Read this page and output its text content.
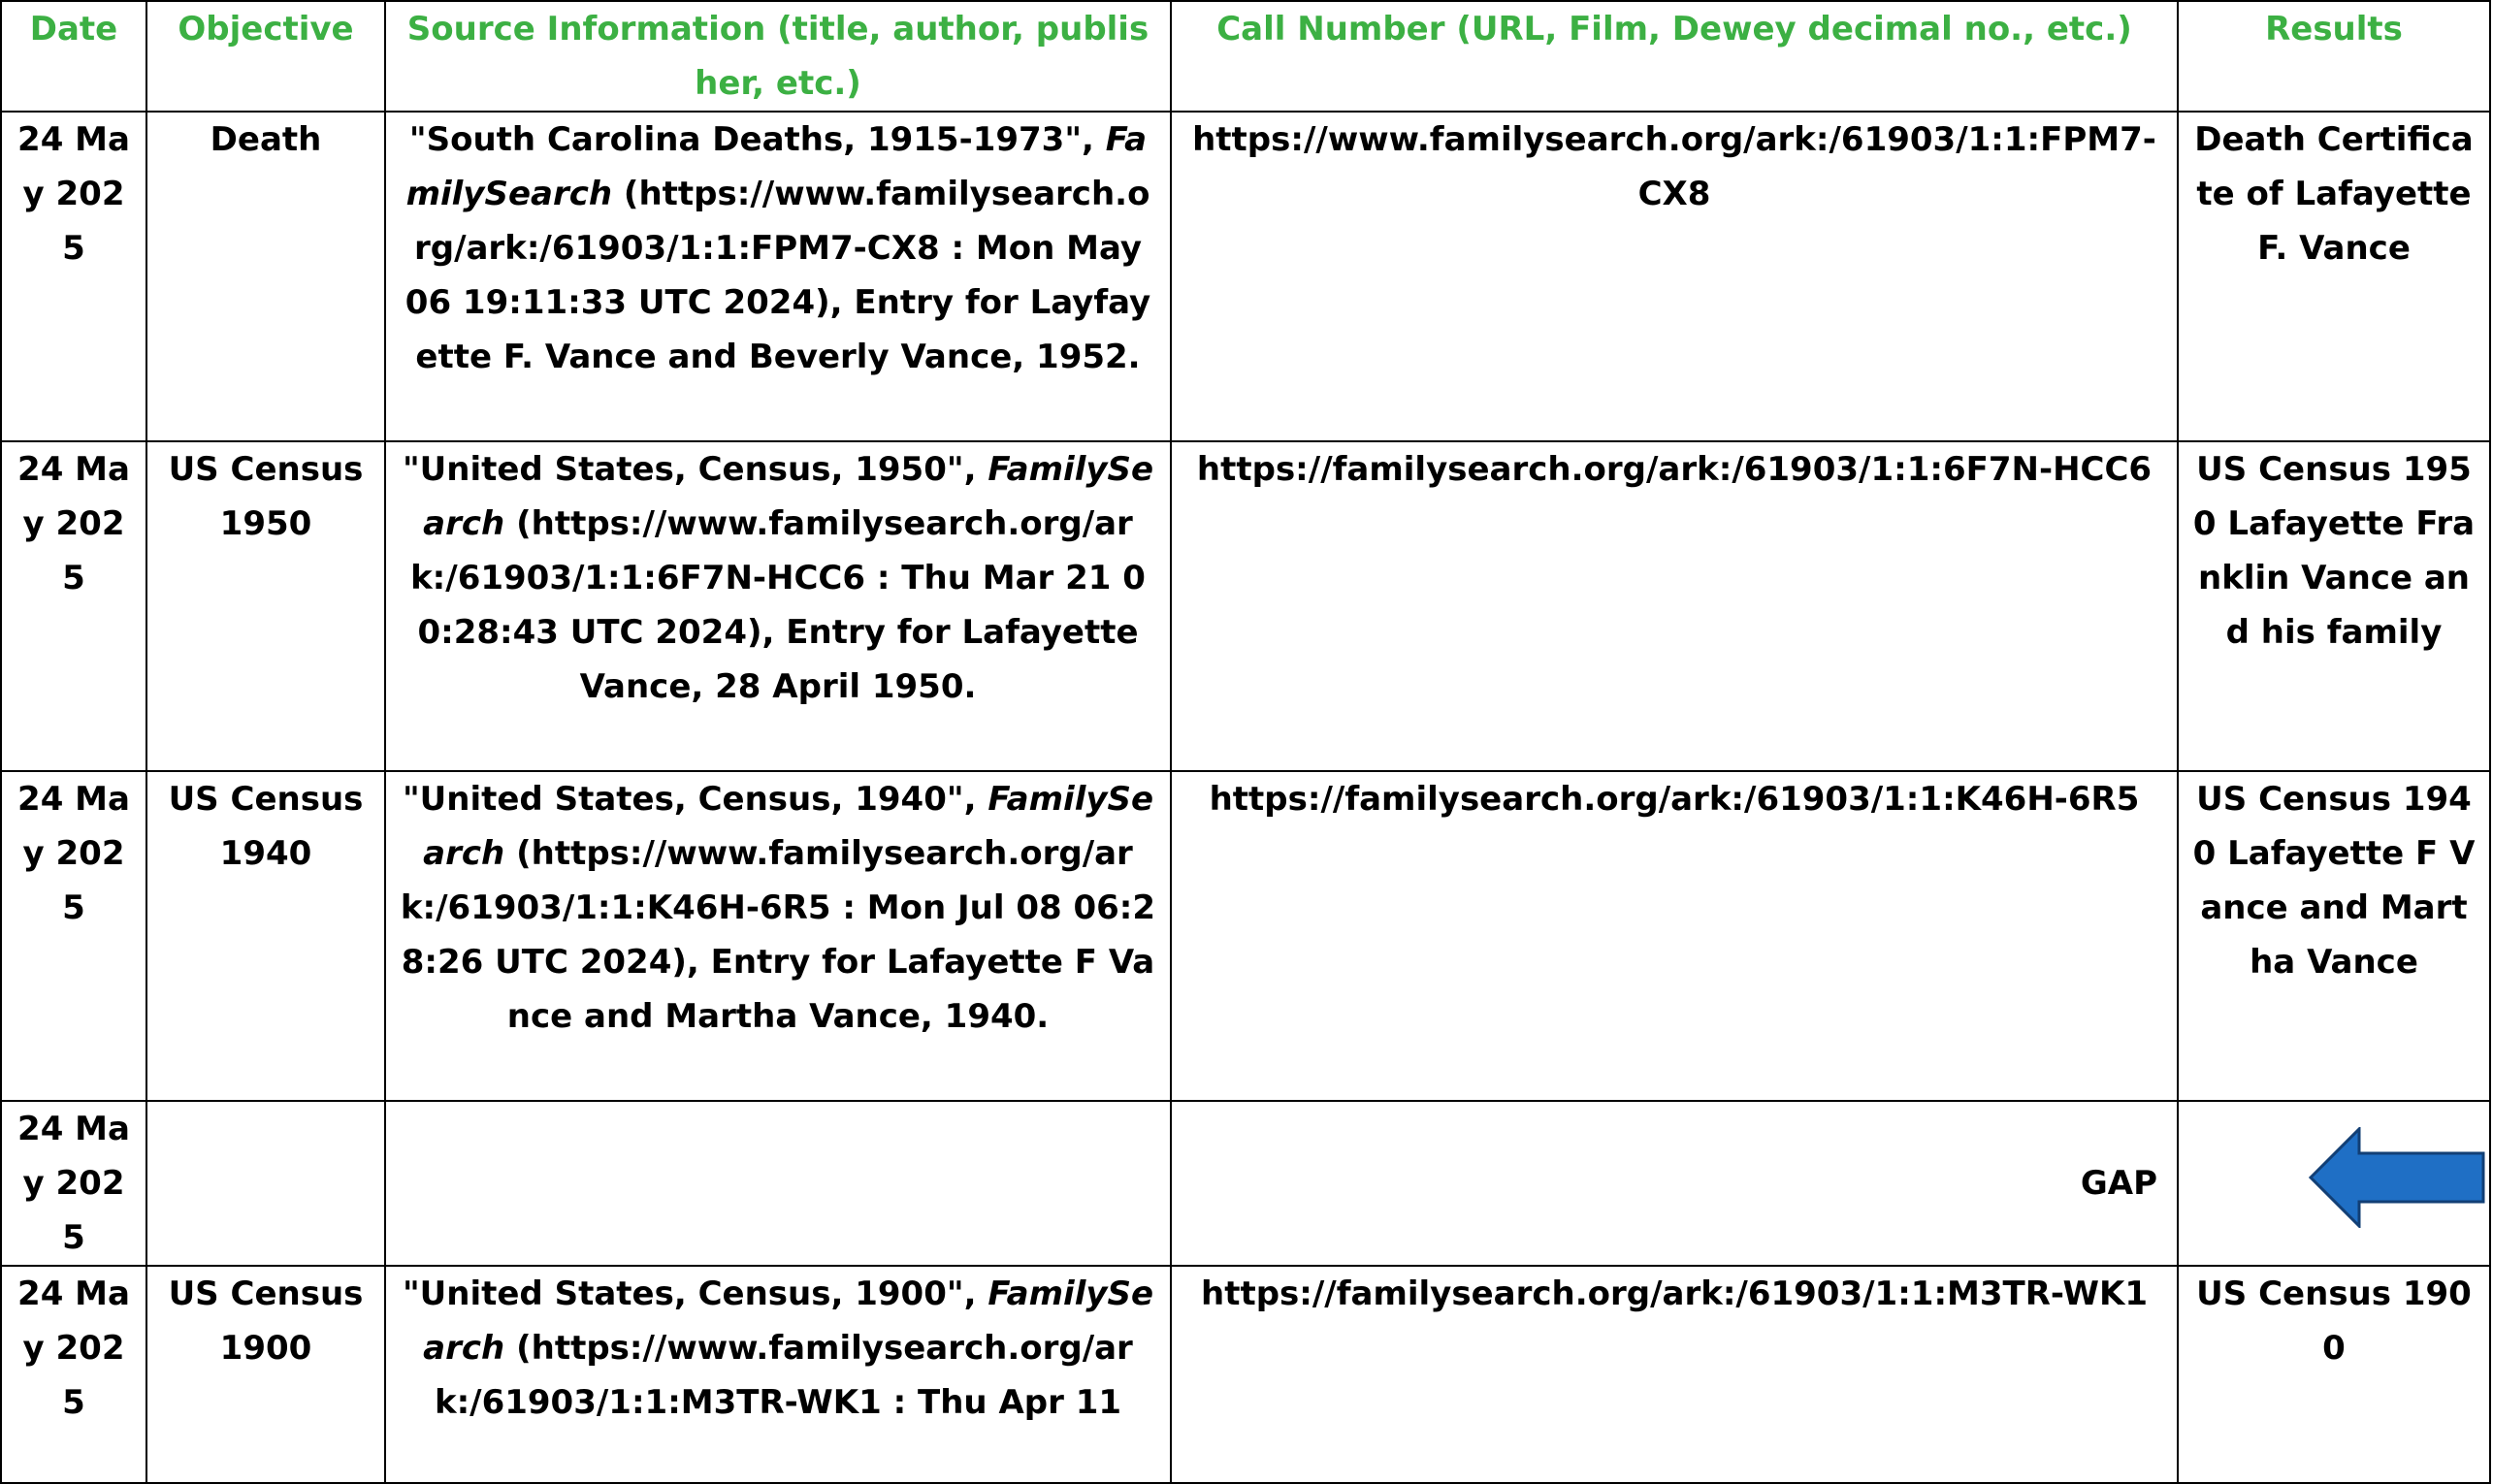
Date	Objective	Source Information (title, author, publisher, etc.)	Call Number (URL, Film, Dewey decimal no., etc.)	Results
24 May 2025	Death	"South Carolina Deaths, 1915-1973", FamilySearch (https://www.familysearch.org/ark:/61903/1:1:FPM7-CX8 : Mon May 06 19:11:33 UTC 2024), Entry for Layfayette F. Vance and Beverly Vance, 1952.	https://www.familysearch.org/ark:/61903/1:1:FPM7-CX8	Death Certificate of Lafayette F. Vance
24 May 2025	US Census 1950	"United States, Census, 1950", FamilySearch (https://www.familysearch.org/ark:/61903/1:1:6F7N-HCC6 : Thu Mar 21 00:28:43 UTC 2024), Entry for Lafayette Vance, 28 April 1950.	https://familysearch.org/ark:/61903/1:1:6F7N-HCC6	US Census 1950 Lafayette Franklin Vance and his family
24 May 2025	US Census 1940	"United States, Census, 1940", FamilySearch (https://www.familysearch.org/ark:/61903/1:1:K46H-6R5 : Mon Jul 08 06:28:26 UTC 2024), Entry for Lafayette F Vance and Martha Vance, 1940.	https://familysearch.org/ark:/61903/1:1:K46H-6R5	US Census 1940 Lafayette F Vance and Martha Vance
24 May 2025			GAP	
24 May 2025	US Census 1900	"United States, Census, 1900", FamilySearch (https://www.familysearch.org/ark:/61903/1:1:M3TR-WK1 : Thu Apr 11	https://familysearch.org/ark:/61903/1:1:M3TR-WK1	US Census 1900
